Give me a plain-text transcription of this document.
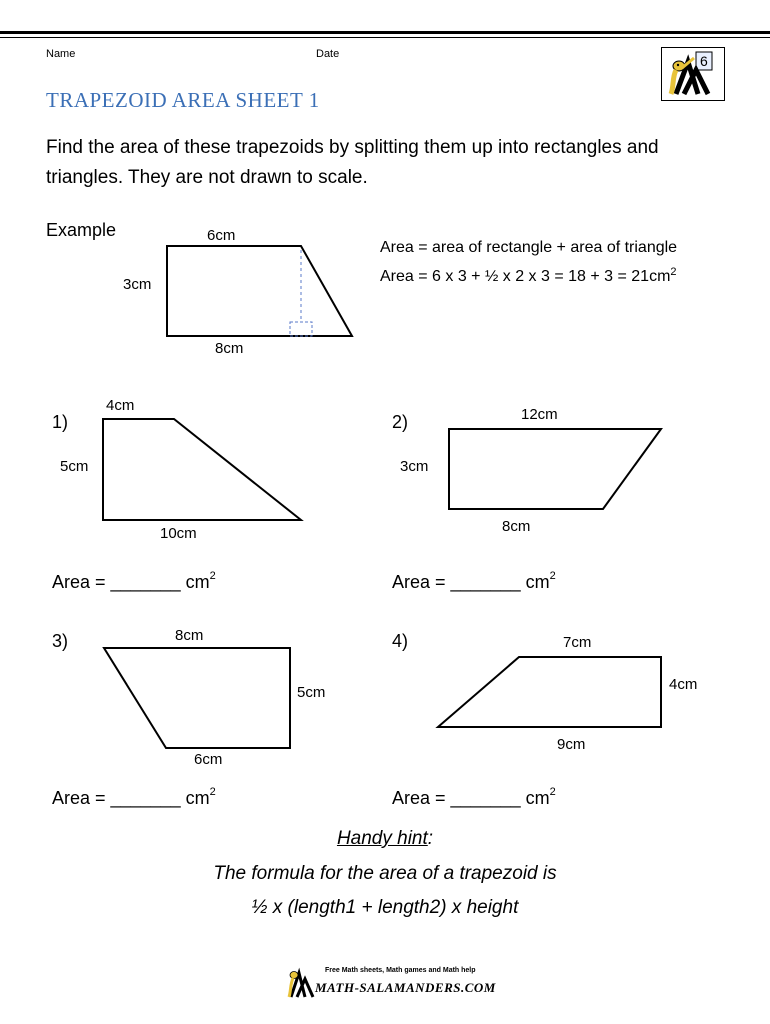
Name	Date
TRAPEZOID AREA SHEET 1
6
Find the area of these trapezoids by splitting them up into rectangles and triangles. They are not drawn to scale.
Example	6cm
3cm
8cm
Area = area of rectangle + area of triangle
Area = 6 x 3 + ½ x 2 x $3 = 18 + 3 = 21cm^2$
1)
4cm
5cm
10cm
2)	12cm
3cm
8cm
Area = _______ $cm^2$	Area = _______ $cm^2$
3)	8cm
5cm
6cm
4)	7cm
4cm
9cm
Area = _______ $cm^2$	Area = _______ $cm^2$
Handy hint:
The formula for the area of a trapezoid is
½ x (length1 + length2) x height
Free Math sheets, Math games and Math help
MATH-SALAMANDERS.COM
